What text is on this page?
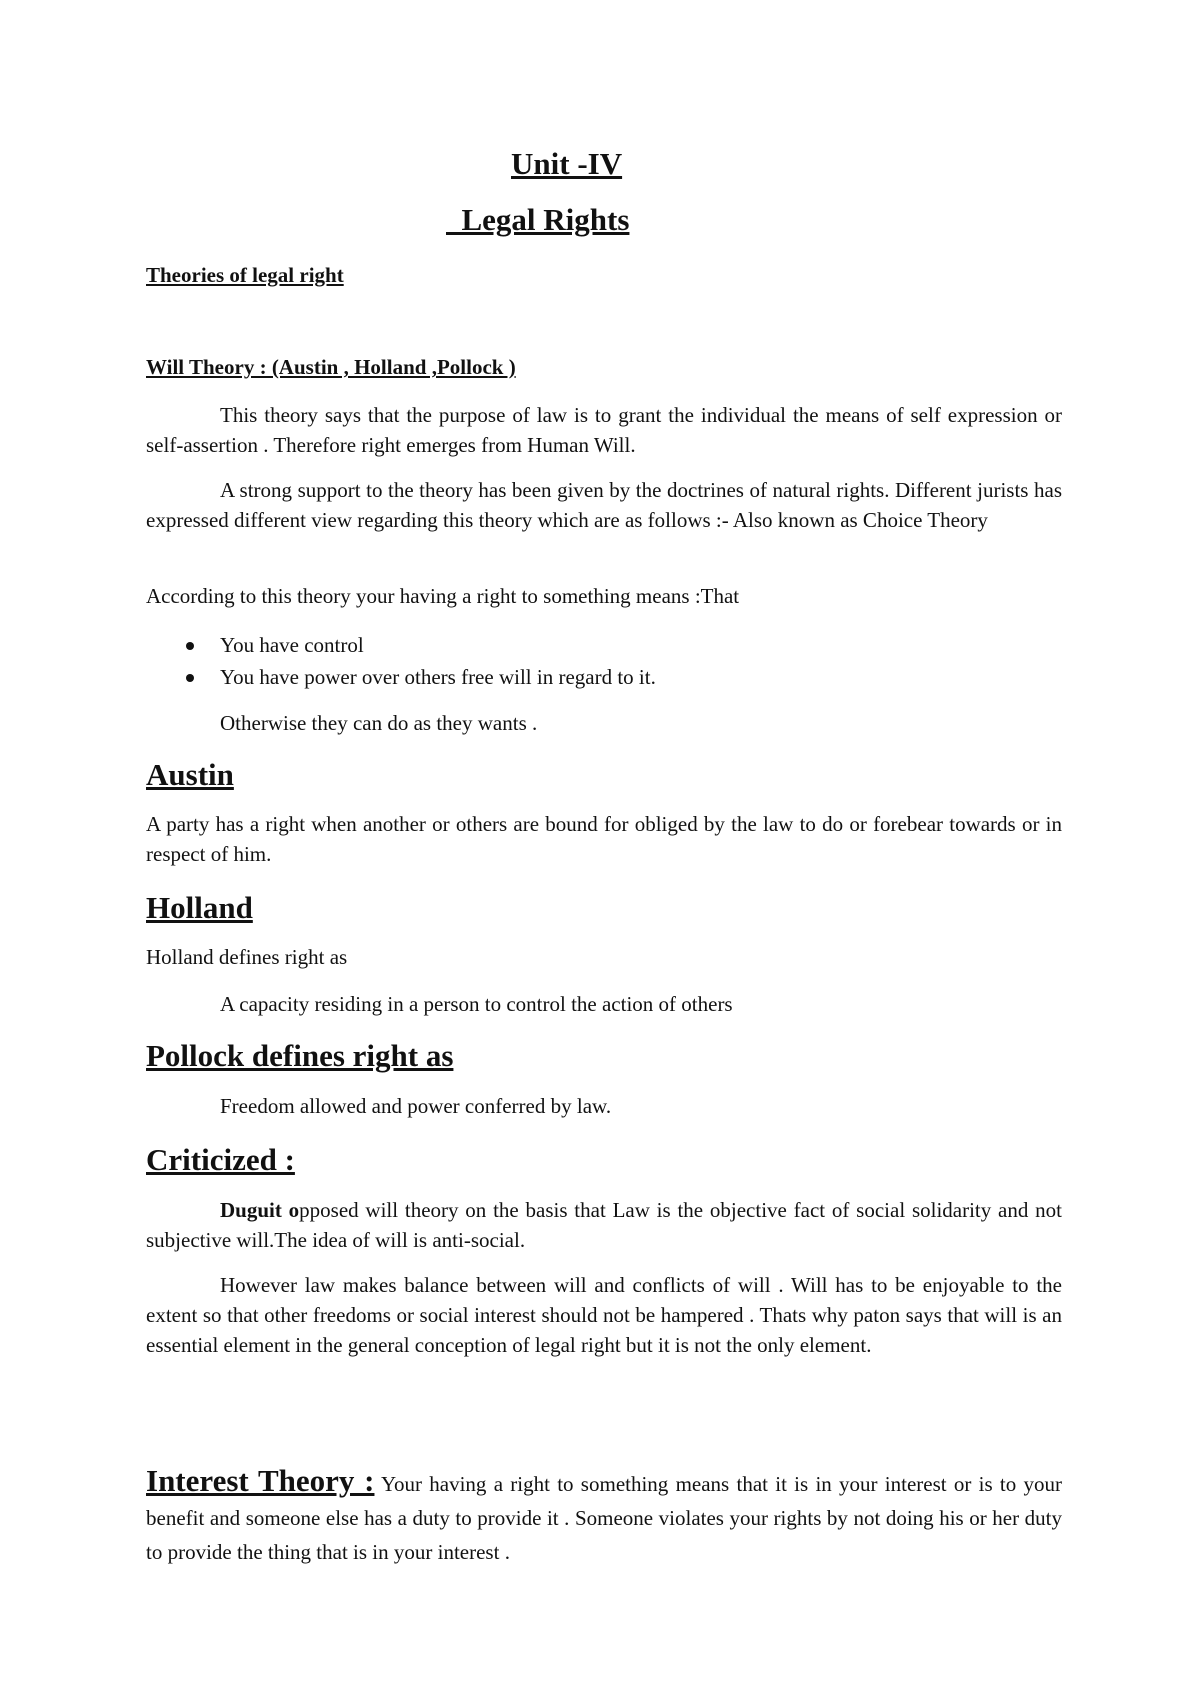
Unit -IV
Legal Rights
Theories of legal right
Will Theory : (Austin , Holland ,Pollock )

This theory says that the purpose of law is to grant the individual the means of self expression or self-assertion . Therefore right emerges from Human Will.

A strong support to the theory has been given by the doctrines of natural rights. Different jurists has expressed different view regarding this theory which are as follows :- Also known as Choice Theory

According to this theory your having a right to something means :That

You have control
You have power over others free will in regard to it.
Otherwise they can do as they wants .
Austin

A party has a right when another or others are bound for obliged by the law to do or forebear towards or in respect of him.

Holland
Holland defines right as
A capacity residing in a person to control the action of others
Pollock defines right as
Freedom allowed and power conferred by law.
Criticized :

Duguit opposed will theory on the basis that Law is the objective fact of social solidarity and not subjective will.The idea of will is anti-social.

However law makes balance between will and conflicts of will . Will has to be enjoyable to the extent so that other freedoms or social interest should not be hampered . Thats why paton says that will is an essential element in the general conception of legal right but it is not the only element.

Interest Theory : Your having a right to something means that it is in your interest or is to your benefit and someone else has a duty to provide it . Someone violates your rights by not doing his or her duty to provide the thing that is in your interest .
